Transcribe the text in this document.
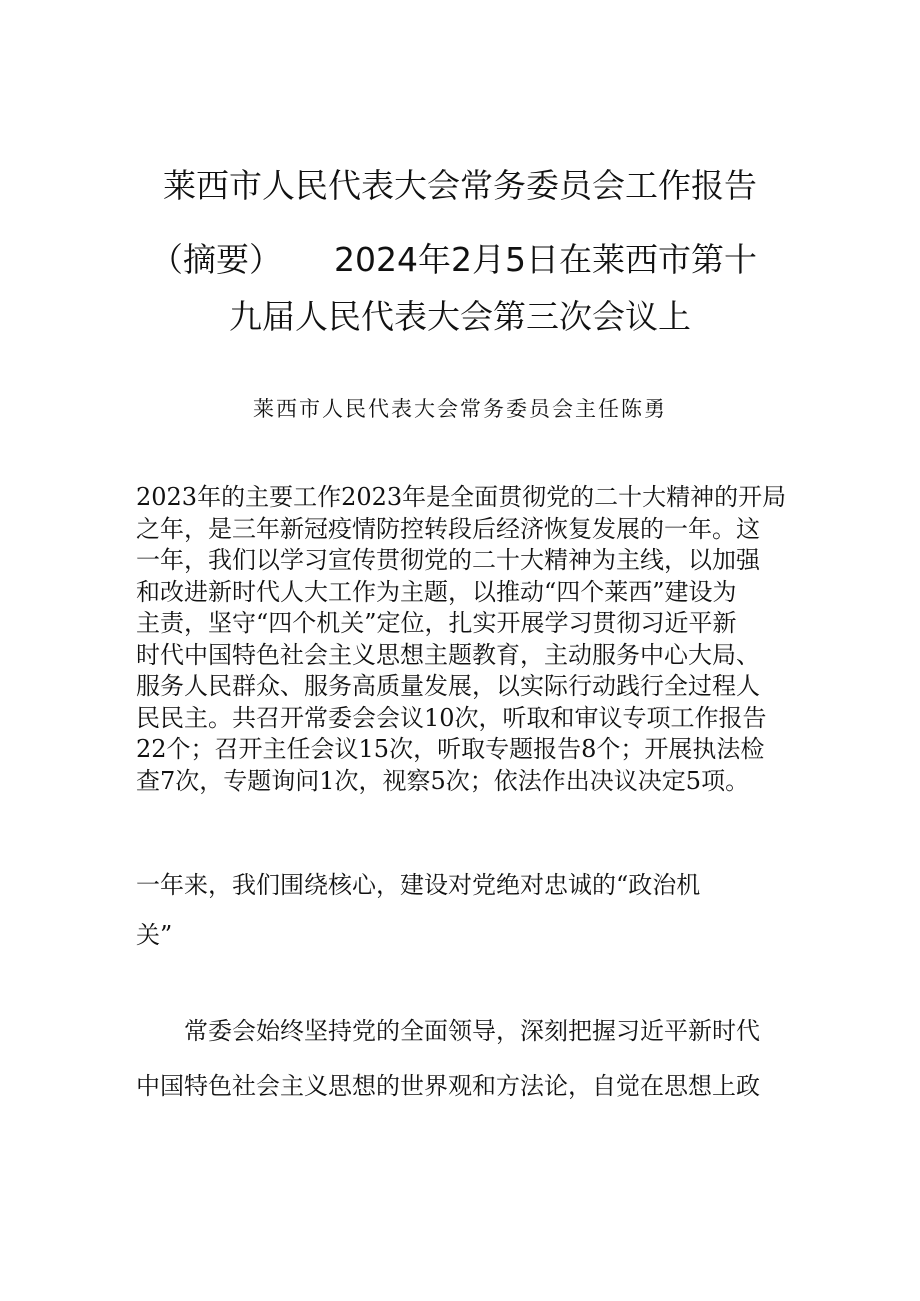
莱西市人民代表大会常务委员会工作报告
（摘要） 2024年2月5日在莱西市第十
九届人民代表大会第三次会议上
莱西市人民代表大会常务委员会主任陈勇
2023年的主要工作2023年是全面贯彻党的二十大精神的开局
之年，是三年新冠疫情防控转段后经济恢复发展的一年。这
一年，我们以学习宣传贯彻党的二十大精神为主线，以加强
和改进新时代人大工作为主题，以推动“四个莱西”建设为
主责，坚守“四个机关”定位，扎实开展学习贯彻习近平新
时代中国特色社会主义思想主题教育，主动服务中心大局、
服务人民群众、服务高质量发展，以实际行动践行全过程人
民民主。共召开常委会会议10次，听取和审议专项工作报告
22个；召开主任会议15次，听取专题报告8个；开展执法检
查7次，专题询问1次，视察5次；依法作出决议决定5项。
一年来，我们围绕核心，建设对党绝对忠诚的“政治机
关”
　　常委会始终坚持党的全面领导，深刻把握习近平新时代
中国特色社会主义思想的世界观和方法论，自觉在思想上政
